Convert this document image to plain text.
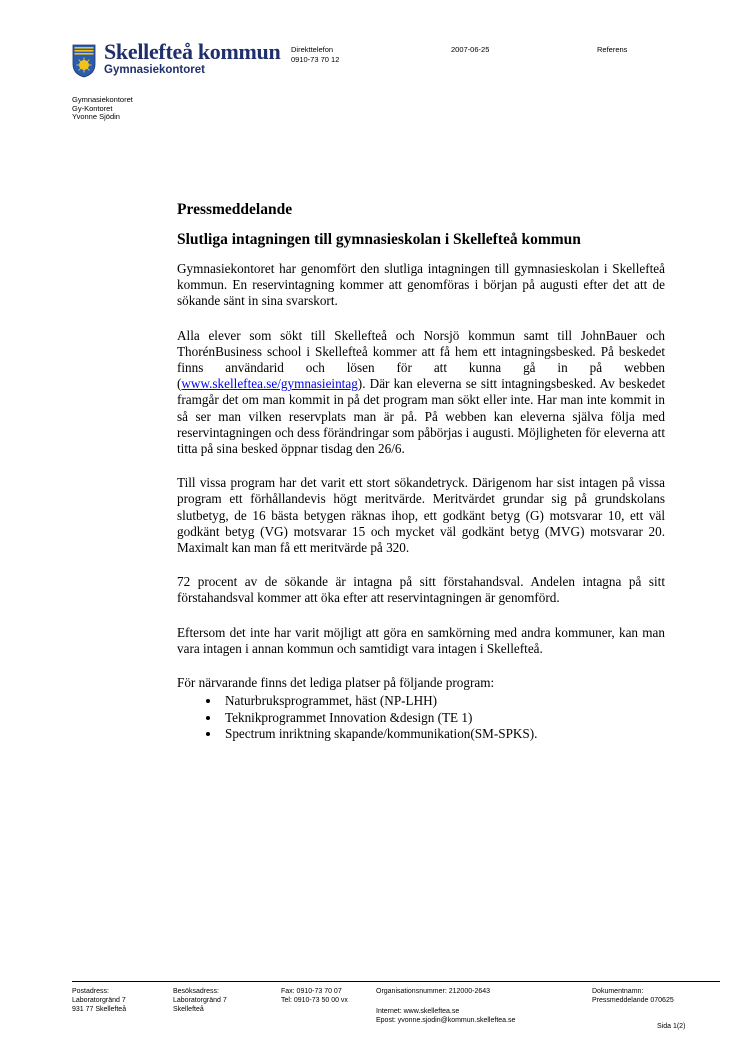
Skellefteå kommun
Gymnasiekontoret
Direkttelefon
0910-73 70 12
2007-06-25	Referens
Gymnasiekontoret
Gy-Kontoret
Yvonne Sjödin
Pressmeddelande
Slutliga intagningen till gymnasieskolan i Skellefteå kommun

Gymnasiekontoret har genomfört den slutliga intagningen till gymnasieskolan i Skellefteå kommun. En reservintagning kommer att genomföras i början på augusti efter det att de sökande sänt in sina svarskort.

Alla elever som sökt till Skellefteå och Norsjö kommun samt till JohnBauer och ThorénBusiness school i Skellefteå kommer att få hem ett intagningsbesked. På beskedet finns användarid och lösen för att kunna gå in på webben (www.skelleftea.se/gymnasieintag). Där kan eleverna se sitt intagningsbesked. Av beskedet framgår det om man kommit in på det program man sökt eller inte. Har man inte kommit in så ser man vilken reservplats man är på. På webben kan eleverna själva följa med reservintagningen och dess förändringar som påbörjas i augusti. Möjligheten för eleverna att titta på sina besked öppnar tisdag den 26/6.

Till vissa program har det varit ett stort sökandetryck. Därigenom har sist intagen på vissa program ett förhållandevis högt meritvärde. Meritvärdet grundar sig på grundskolans slutbetyg, de 16 bästa betygen räknas ihop, ett godkänt betyg (G) motsvarar 10, ett väl godkänt betyg (VG) motsvarar 15 och mycket väl godkänt betyg (MVG) motsvarar 20. Maximalt kan man få ett meritvärde på 320.

72 procent av de sökande är intagna på sitt förstahandsval. Andelen intagna på sitt förstahandsval kommer att öka efter att reservintagningen är genomförd.

Eftersom det inte har varit möjligt att göra en samkörning med andra kommuner, kan man vara intagen i annan kommun och samtidigt vara intagen i Skellefteå.

För närvarande finns det lediga platser på följande program:

• Naturbruksprogrammet, häst (NP-LHH)
• Teknikprogrammet Innovation &design (TE 1)
• Spectrum inriktning skapande/kommunikation(SM-SPKS).
Postadress:
Laboratorgränd 7
931 77 Skellefteå
Besöksadress:
Laboratorgränd 7
Skellefteå
Fax: 0910-73 70 07
Tel: 0910-73 50 00 vx
Organisationsnummer: 212000-2643
Internet: www.skelleftea.se
Epost: yvonne.sjodin@kommun.skelleftea.se
Dokumentnamn:
Pressmeddelande 070625
Sida 1(2)
